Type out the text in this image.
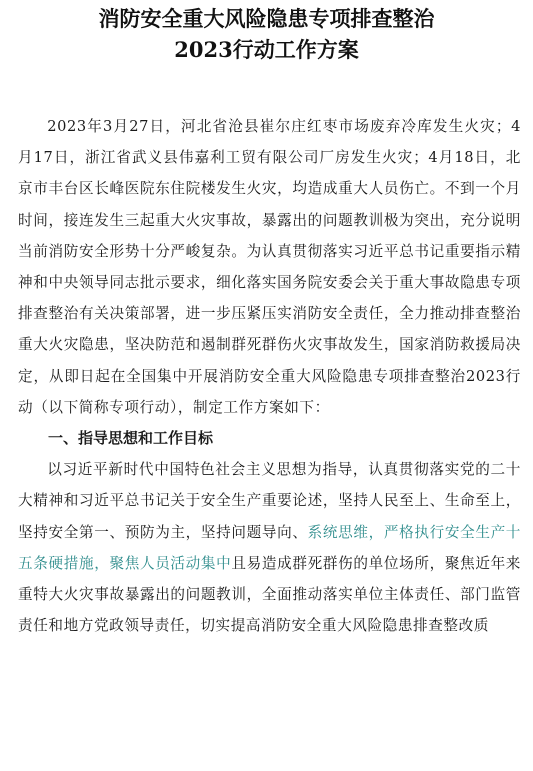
消防安全重大风险隐患专项排查整治
2023行动工作方案

2023年3月27日，河北省沧县崔尔庄红枣市场废弃冷库发生火灾；4月17日，浙江省武义县伟嘉利工贸有限公司厂房发生火灾；4月18日，北京市丰台区长峰医院东住院楼发生火灾，均造成重大人员伤亡。不到一个月时间，接连发生三起重大火灾事故，暴露出的问题教训极为突出，充分说明当前消防安全形势十分严峻复杂。为认真贯彻落实习近平总书记重要指示精神和中央领导同志批示要求，细化落实国务院安委会关于重大事故隐患专项排查整治有关决策部署，进一步压紧压实消防安全责任，全力推动排查整治重大火灾隐患，坚决防范和遏制群死群伤火灾事故发生，国家消防救援局决定，从即日起在全国集中开展消防安全重大风险隐患专项排查整治2023行动（以下简称专项行动），制定工作方案如下：

一、指导思想和工作目标

以习近平新时代中国特色社会主义思想为指导，认真贯彻落实党的二十大精神和习近平总书记关于安全生产重要论述，坚持人民至上、生命至上，坚持安全第一、预防为主，坚持问题导向、系统思维，严格执行安全生产十五条硬措施，聚焦人员活动集中且易造成群死群伤的单位场所，聚焦近年来重特大火灾事故暴露出的问题教训，全面推动落实单位主体责任、部门监管责任和地方党政领导责任，切实提高消防安全重大风险隐患排查整改质
